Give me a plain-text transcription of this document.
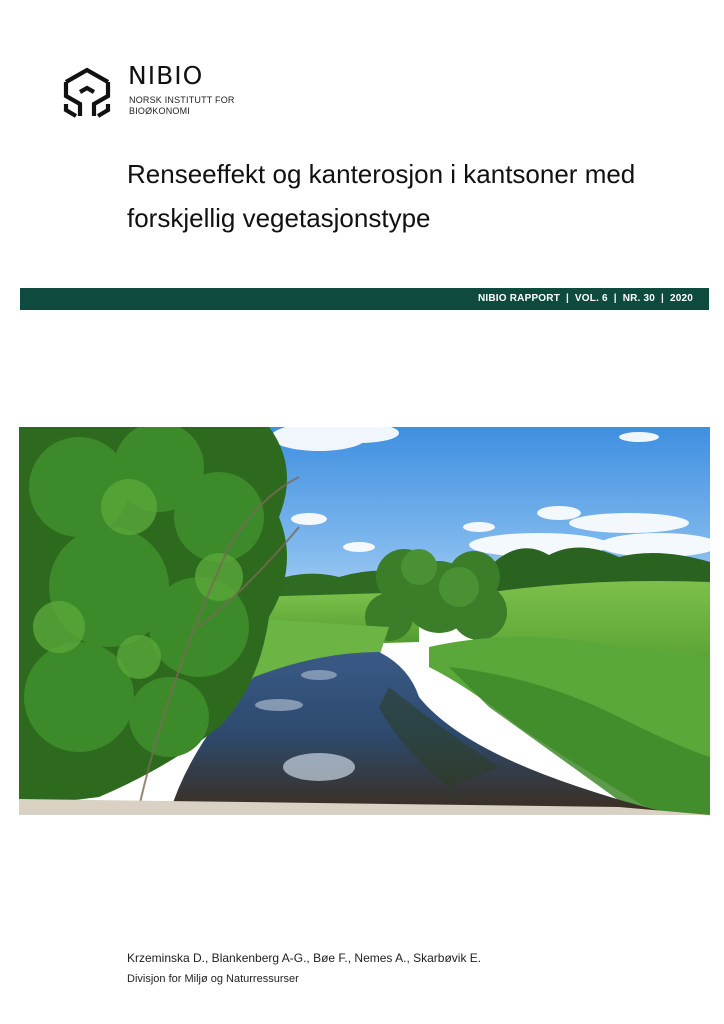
NIBIO
NORSK INSTITUTT FOR
BIOØKONOMI
Renseeffekt og kanterosjon i kantsoner med
forskjellig vegetasjonstype
NIBIO RAPPORT  |  VOL. 6  |  NR. 30  |  2020
Krzeminska D., Blankenberg A-G., Bøe F., Nemes A., Skarbøvik E.
Divisjon for Miljø og Naturressurser
